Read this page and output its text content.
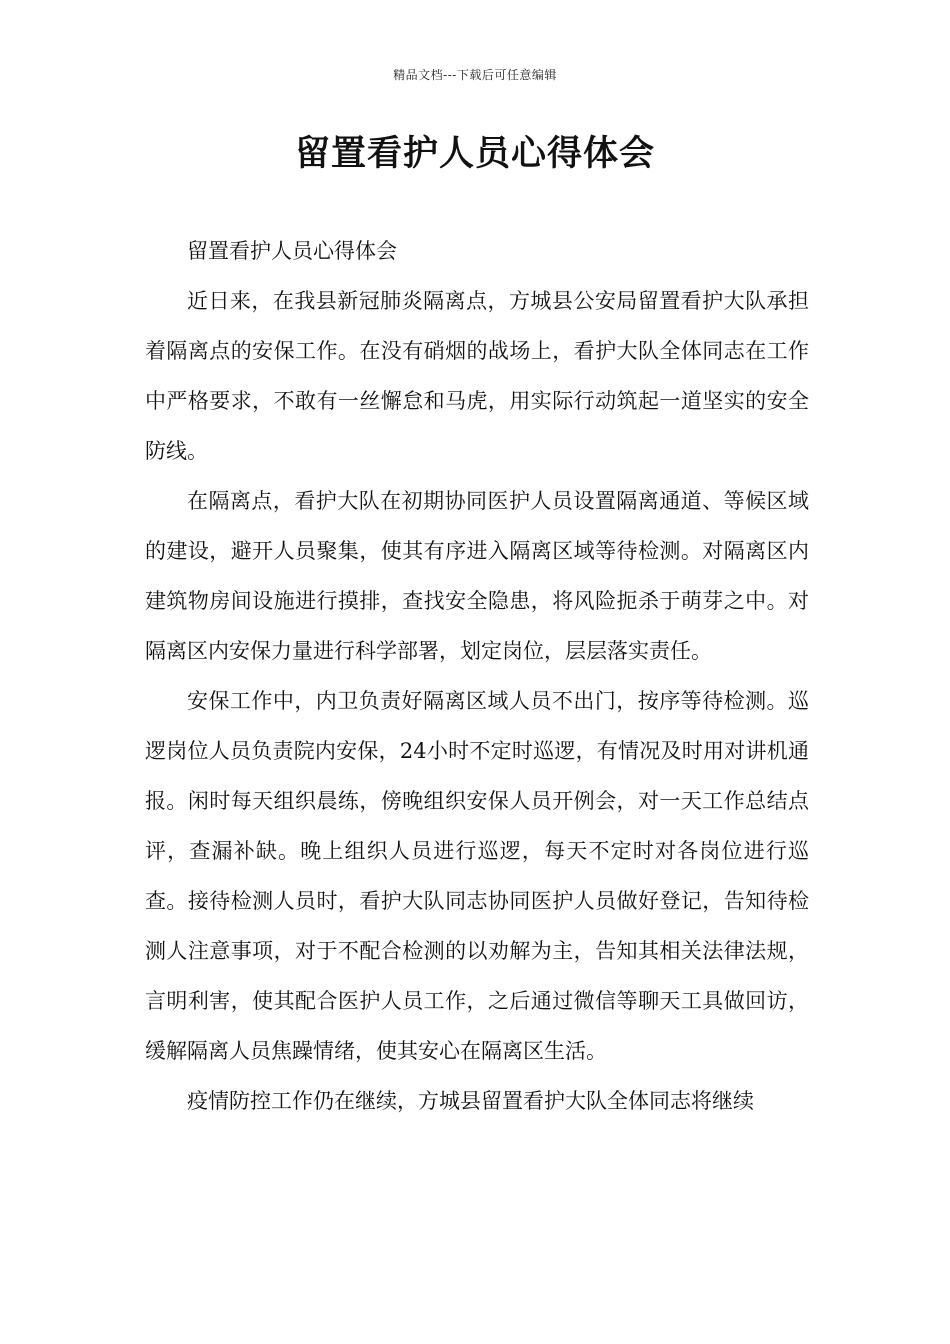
精品文档---下载后可任意编辑
留置看护人员心得体会

留置看护人员心得体会

近日来，在我县新冠肺炎隔离点，方城县公安局留置看护大队承担着隔离点的安保工作。在没有硝烟的战场上，看护大队全体同志在工作中严格要求，不敢有一丝懈怠和马虎，用实际行动筑起一道坚实的安全防线。

在隔离点，看护大队在初期协同医护人员设置隔离通道、等候区域的建设，避开人员聚集，使其有序进入隔离区域等待检测。对隔离区内建筑物房间设施进行摸排，查找安全隐患，将风险扼杀于萌芽之中。对隔离区内安保力量进行科学部署，划定岗位，层层落实责任。

安保工作中，内卫负责好隔离区域人员不出门，按序等待检测。巡逻岗位人员负责院内安保，24小时不定时巡逻，有情况及时用对讲机通报。闲时每天组织晨练，傍晚组织安保人员开例会，对一天工作总结点评，查漏补缺。晚上组织人员进行巡逻，每天不定时对各岗位进行巡查。接待检测人员时，看护大队同志协同医护人员做好登记，告知待检测人注意事项，对于不配合检测的以劝解为主，告知其相关法律法规，言明利害，使其配合医护人员工作，之后通过微信等聊天工具做回访，缓解隔离人员焦躁情绪，使其安心在隔离区生活。

疫情防控工作仍在继续，方城县留置看护大队全体同志将继续
